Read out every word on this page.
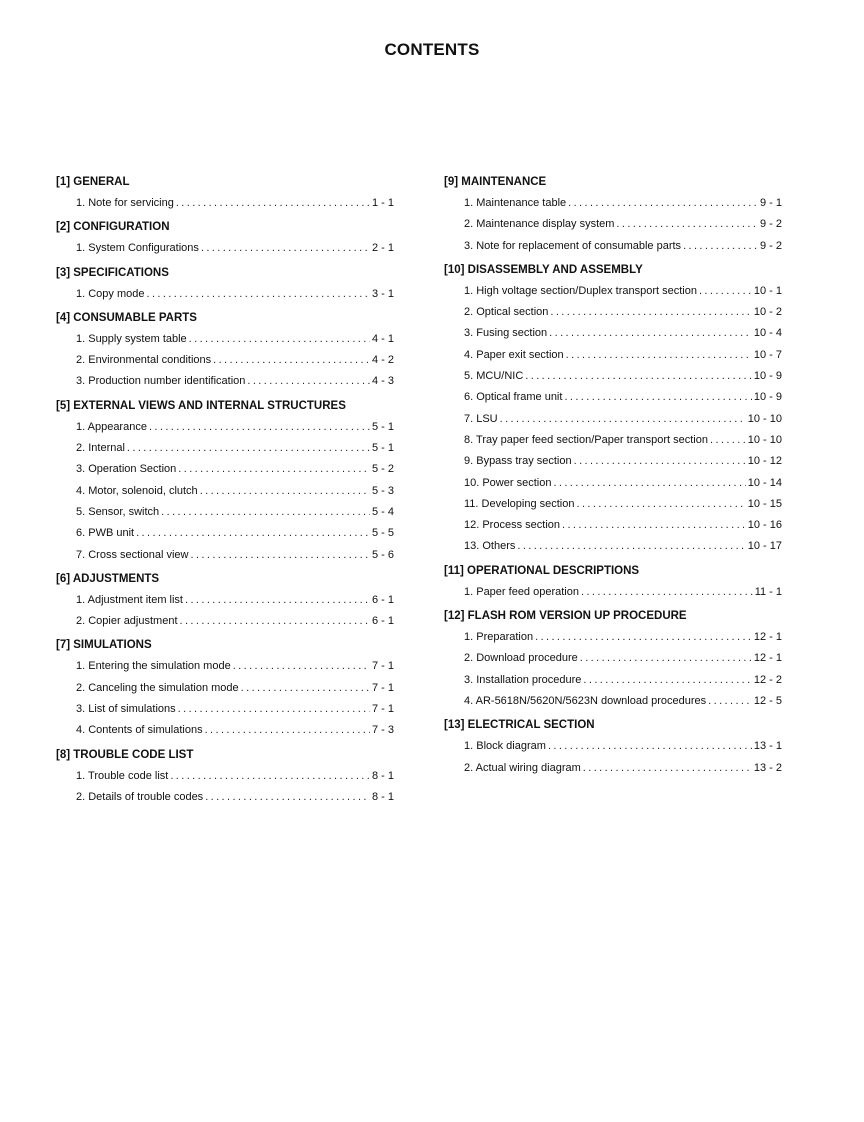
CONTENTS
[1] GENERAL
1. Note for servicing .....	1 - 1
[2] CONFIGURATION
1. System Configurations .....	2 - 1
[3] SPECIFICATIONS
1. Copy mode .....	3 - 1
[4] CONSUMABLE PARTS
1. Supply system table .....	4 - 1
2. Environmental conditions .....	4 - 2
3. Production number identification .....	4 - 3
[5] EXTERNAL VIEWS AND INTERNAL STRUCTURES
1. Appearance .....	5 - 1
2. Internal .....	5 - 1
3. Operation Section .....	5 - 2
4. Motor, solenoid, clutch .....	5 - 3
5. Sensor, switch .....	5 - 4
6. PWB unit .....	5 - 5
7. Cross sectional view .....	5 - 6
[6] ADJUSTMENTS
1. Adjustment item list .....	6 - 1
2. Copier adjustment .....	6 - 1
[7] SIMULATIONS
1. Entering the simulation mode .....	7 - 1
2. Canceling the simulation mode .....	7 - 1
3. List of simulations .....	7 - 1
4. Contents of simulations .....	7 - 3
[8] TROUBLE CODE LIST
1. Trouble code list .....	8 - 1
2. Details of trouble codes .....	8 - 1
[9] MAINTENANCE
1. Maintenance table .....	9 - 1
2. Maintenance display system .....	9 - 2
3. Note for replacement of consumable parts .....	9 - 2
[10] DISASSEMBLY AND ASSEMBLY
1. High voltage section/Duplex transport section .....	10 - 1
2. Optical section .....	10 - 2
3. Fusing section .....	10 - 4
4. Paper exit section .....	10 - 7
5. MCU/NIC .....	10 - 9
6. Optical frame unit .....	10 - 9
7. LSU .....	10 - 10
8. Tray paper feed section/Paper transport section .....	10 - 10
9. Bypass tray section .....	10 - 12
10. Power section .....	10 - 14
11. Developing section .....	10 - 15
12. Process section .....	10 - 16
13. Others .....	10 - 17
[11] OPERATIONAL DESCRIPTIONS
1. Paper feed operation .....	11 - 1
[12] FLASH ROM VERSION UP PROCEDURE
1. Preparation .....	12 - 1
2. Download procedure .....	12 - 1
3. Installation procedure .....	12 - 2
4. AR-5618N/5620N/5623N download procedures .....	12 - 5
[13] ELECTRICAL SECTION
1. Block diagram .....	13 - 1
2. Actual wiring diagram .....	13 - 2
